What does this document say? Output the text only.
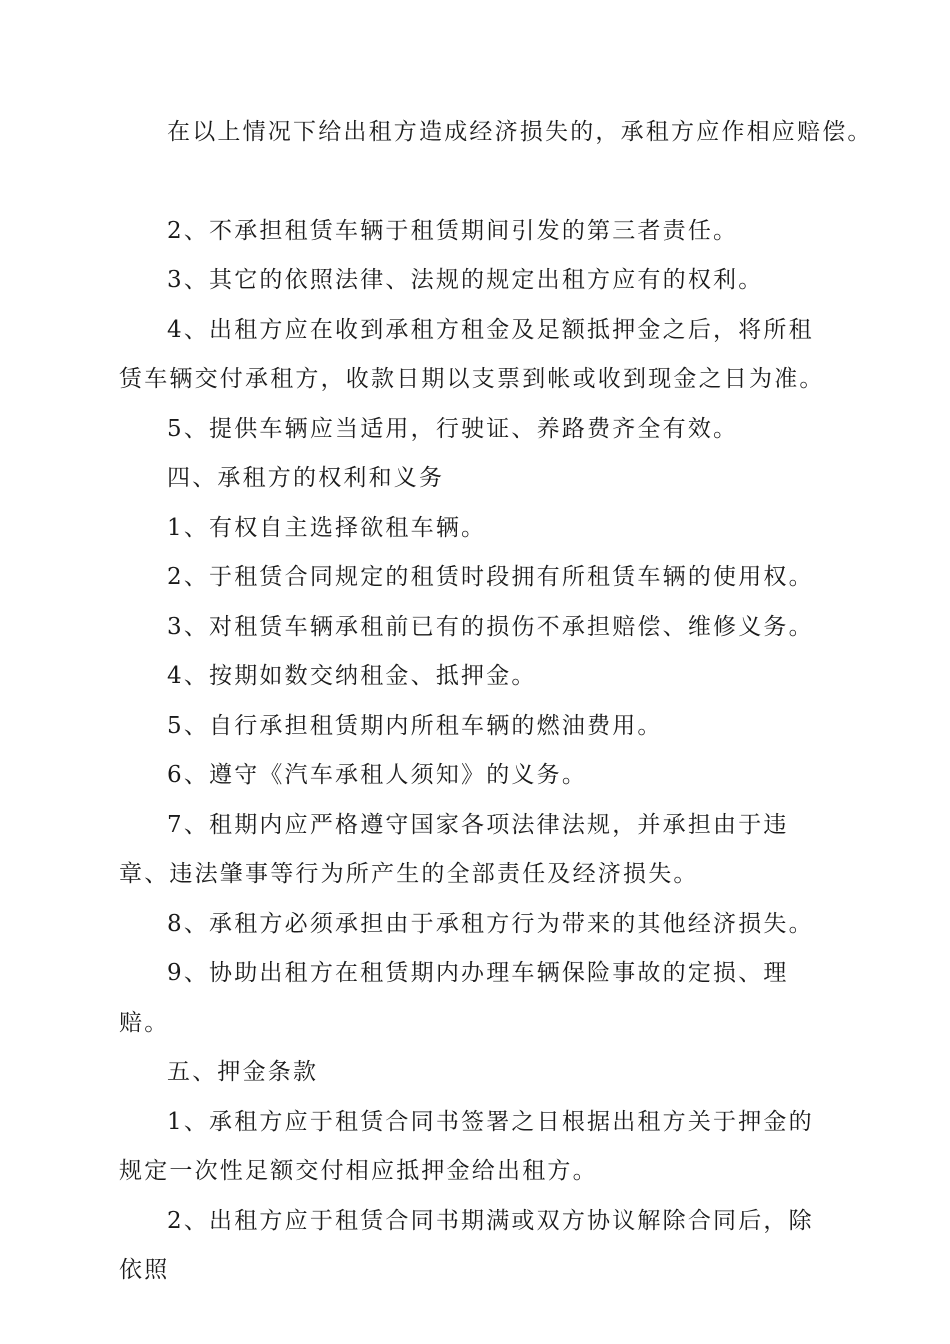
在以上情况下给出租方造成经济损失的，承租方应作相应赔偿。

2、不承担租赁车辆于租赁期间引发的第三者责任。

3、其它的依照法律、法规的规定出租方应有的权利。

4、出租方应在收到承租方租金及足额抵押金之后，将所租赁车辆交付承租方，收款日期以支票到帐或收到现金之日为准。

5、提供车辆应当适用，行驶证、养路费齐全有效。

四、承租方的权利和义务

1、有权自主选择欲租车辆。

2、于租赁合同规定的租赁时段拥有所租赁车辆的使用权。

3、对租赁车辆承租前已有的损伤不承担赔偿、维修义务。

4、按期如数交纳租金、抵押金。

5、自行承担租赁期内所租车辆的燃油费用。

6、遵守《汽车承租人须知》的义务。

7、租期内应严格遵守国家各项法律法规，并承担由于违章、违法肇事等行为所产生的全部责任及经济损失。

8、承租方必须承担由于承租方行为带来的其他经济损失。

9、协助出租方在租赁期内办理车辆保险事故的定损、理赔。

五、押金条款

1、承租方应于租赁合同书签署之日根据出租方关于押金的规定一次性足额交付相应抵押金给出租方。

2、出租方应于租赁合同书期满或双方协议解除合同后，除依照
